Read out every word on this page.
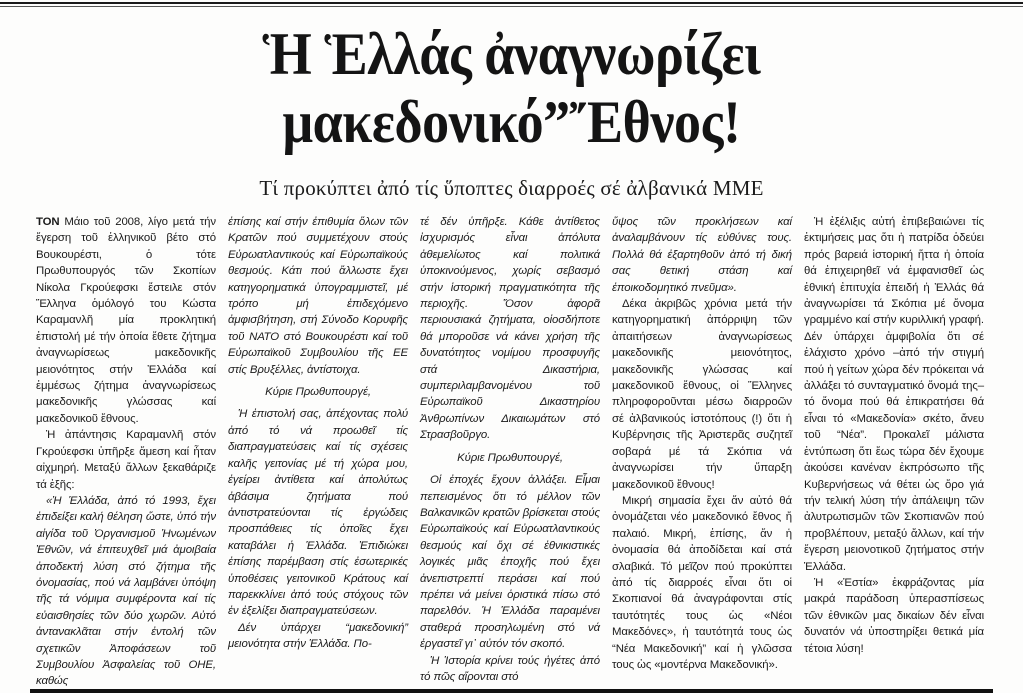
Ἡ Ἑλλάς ἀναγνωρίζει
μακεδονικό”Ἔθνος!
Τί προκύπτει ἀπό τίς ὕποπτες διαρροές σέ ἀλβανικά ΜΜΕ

ΤΟΝ Μάιο τοῦ 2008, λίγο μετά τήν ἔγερση τοῦ ἑλληνικοῦ βέτο στό Βουκουρέστι, ὁ τότε Πρωθυπουργός τῶν Σκοπίων Νίκολα Γκρούεφσκι ἔστειλε στόν Ἕλληνα ὁμόλογό του Κώστα Καραμανλῆ μία προκλητική ἐπιστολή μέ τήν ὁποία ἔθετε ζήτημα ἀναγνωρίσεως μακεδονικῆς μειονότητος στήν Ἑλλάδα καί ἐμμέσως ζήτημα ἀναγνωρίσεως μακεδονικῆς γλώσσας καί μακεδονικοῦ ἔθνους.

Ἡ ἀπάντησις Καραμανλῆ στόν Γκρούεφσκι ὑπῆρξε ἄμεση καί ἦταν αἰχμηρή. Μεταξύ ἄλλων ξεκαθάριζε τά ἑξῆς:

«Ἡ Ἑλλάδα, ἀπό τό 1993, ἔχει ἐπιδείξει καλή θέληση ὥστε, ὑπό τήν αἰγίδα τοῦ Ὀργανισμοῦ Ἡνωμένων Ἐθνῶν, νά ἐπιτευχθεῖ μιά ἀμοιβαία ἀποδεκτή λύση στό ζήτημα τῆς ὀνομασίας, πού νά λαμβάνει ὑπόψη τῆς τά νόμιμα συμφέροντα καί τίς εὐαισθησίες τῶν δύο χωρῶν. Αὐτό ἀντανακλᾶται στήν ἐντολή τῶν σχετικῶν Ἀποφάσεων τοῦ Συμβουλίου Ἀσφαλείας τοῦ ΟΗΕ, καθώς

ἐπίσης καί στήν ἐπιθυμία ὅλων τῶν Κρατῶν πού συμμετέχουν στούς Εὐρωατλαντικούς καί Εὐρωπαϊκούς θεσμούς. Κάτι πού ἄλλωστε ἔχει κατηγορηματικά ὑπογραμμιστεῖ, μέ τρόπο μή ἐπιδεχόμενο ἀμφισβήτηση, στή Σύνοδο Κορυφῆς τοῦ ΝΑΤΟ στό Βουκουρέστι καί τοῦ Εὐρωπαϊκοῦ Συμβουλίου τῆς ΕΕ στίς Βρυξέλλες, ἀντίστοιχα.

Κύριε Πρωθυπουργέ,

Ἡ ἐπιστολή σας, ἀπέχοντας πολύ ἀπό τό νά προωθεῖ τίς διαπραγματεύσεις καί τίς σχέσεις καλῆς γειτονίας μέ τή χώρα μου, ἐγείρει ἀντίθετα καί ἀπολύτως ἀβάσιμα ζητήματα πού ἀντιστρατεύονται τίς ἐργώδεις προσπάθειες τίς ὁποῖες ἔχει καταβάλει ἡ Ἑλλάδα. Ἐπιδιώκει ἐπίσης παρέμβαση στίς ἐσωτερικές ὑποθέσεις γειτονικοῦ Κράτους καί παρεκκλίνει ἀπό τούς στόχους τῶν ἐν ἐξελίξει διαπραγματεύσεων.

Δέν ὑπάρχει “μακεδονική” μειονότητα στήν Ἑλλάδα. Πο-

τέ δέν ὑπῆρξε. Κάθε ἀντίθετος ἰσχυρισμός εἶναι ἀπόλυτα ἀθεμελίωτος καί πολιτικά ὑποκινούμενος, χωρίς σεβασμό στήν ἱστορική πραγματικότητα τῆς περιοχῆς. Ὅσον ἀφορᾶ περιουσιακά ζητήματα, οἱοσδήποτε θά μποροῦσε νά κάνει χρήση τῆς δυνατότητος νομίμου προσφυγῆς στά Δικαστήρια, συμπεριλαμβανομένου τοῦ Εὐρωπαϊκοῦ Δικαστηρίου Ἀνθρωπίνων Δικαιωμάτων στό Στρασβοῦργο.

Κύριε Πρωθυπουργέ,

Οἱ ἐποχές ἔχουν ἀλλάξει. Εἶμαι πεπεισμένος ὅτι τό μέλλον τῶν Βαλκανικῶν κρατῶν βρίσκεται στούς Εὐρωπαϊκούς καί Εὐρωατλαντικούς θεσμούς καί ὄχι σέ ἐθνικιστικές λογικές μιᾶς ἐποχῆς πού ἔχει ἀνεπιστρεπτί περάσει καί πού πρέπει νά μείνει ὁριστικά πίσω στό παρελθόν. Ἡ Ἑλλάδα παραμένει σταθερά προσηλωμένη στό νά ἐργαστεῖ γι᾽ αὐτόν τόν σκοπό.

Ἡ Ἱστορία κρίνει τούς ἡγέτες ἀπό τό πῶς αἴρονται στό

ὕψος τῶν προκλήσεων καί ἀναλαμβάνουν τίς εὐθύνες τους. Πολλά θά ἐξαρτηθοῦν ἀπό τή δική σας θετική στάση καί ἐποικοδομητικό πνεῦμα».

Δέκα ἀκριβῶς χρόνια μετά τήν κατηγορηματική ἀπόρριψη τῶν ἀπαιτήσεων ἀναγνωρίσεως μακεδονικῆς μειονότητος, μακεδονικῆς γλώσσας καί μακεδονικοῦ ἔθνους, οἱ Ἕλληνες πληροφοροῦνται μέσω διαρροῶν σέ ἀλβανικούς ἱστοτόπους (!) ὅτι ἡ Κυβέρνησις τῆς Ἀριστερᾶς συζητεῖ σοβαρά μέ τά Σκόπια νά ἀναγνωρίσει τήν ὕπαρξη μακεδονικοῦ ἔθνους!

Μικρή σημασία ἔχει ἄν αὐτό θά ὀνομάζεται νέο μακεδονικό ἔθνος ἤ παλαιό. Μικρή, ἐπίσης, ἄν ἡ ὀνομασία θά ἀποδίδεται καί στά σλαβικά. Τό μεῖζον πού προκύπτει ἀπό τίς διαρροές εἶναι ὅτι οἱ Σκοπιανοί θά ἀναγράφονται στίς ταυτότητές τους ὡς «Νέοι Μακεδόνες», ἡ ταυτότητά τους ὡς “Νέα Μακεδονική” καί ἡ γλῶσσα τους ὡς «μοντέρνα Μακεδονική».

Ἡ ἐξέλιξις αὐτή ἐπιβεβαιώνει τίς ἐκτιμήσεις μας ὅτι ἡ πατρίδα ὁδεύει πρός βαρειά ἱστορική ἥττα ἡ ὁποία θά ἐπιχειρηθεῖ νά ἐμφανισθεῖ ὡς ἐθνική ἐπιτυχία ἐπειδή ἡ Ἑλλάς θά ἀναγνωρίσει τά Σκόπια μέ ὄνομα γραμμένο καί στήν κυριλλική γραφή. Δέν ὑπάρχει ἀμφιβολία ὅτι σέ ἐλάχιστο χρόνο –ἀπό τήν στιγμή πού ἡ γείτων χώρα δέν πρόκειται νά ἀλλάξει τό συνταγματικό ὄνομά της– τό ὄνομα πού θά ἐπικρατήσει θά εἶναι τό «Μακεδονία» σκέτο, ἄνευ τοῦ “Νέα”. Προκαλεῖ μάλιστα ἐντύπωση ὅτι ἕως τώρα δέν ἔχουμε ἀκούσει κανέναν ἐκπρόσωπο τῆς Κυβερνήσεως νά θέτει ὡς ὅρο γιά τήν τελική λύση τήν ἀπάλειψη τῶν ἀλυτρωτισμῶν τῶν Σκοπιανῶν πού προβλέπουν, μεταξύ ἄλλων, καί τήν ἔγερση μειονοτικοῦ ζητήματος στήν Ἑλλάδα.

Ἡ «Ἑστία» ἐκφράζοντας μία μακρά παράδοση ὑπερασπίσεως τῶν ἐθνικῶν μας δικαίων δέν εἶναι δυνατόν νά ὑποστηρίξει θετικά μία τέτοια λύση!
